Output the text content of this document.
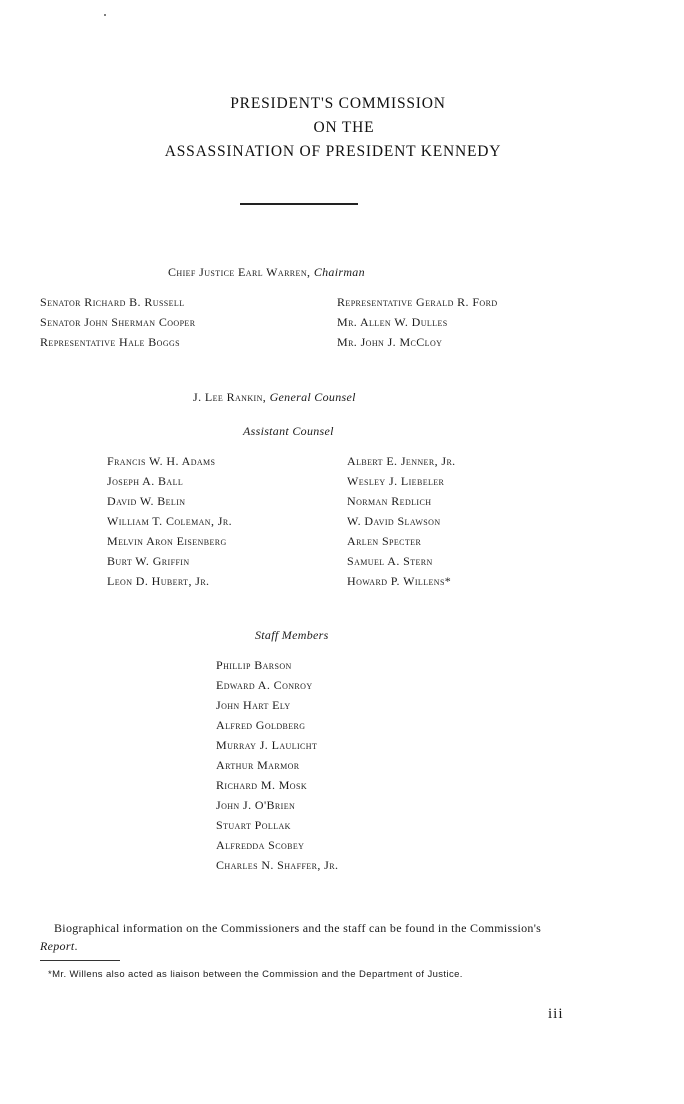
PRESIDENT'S COMMISSION
ON THE
ASSASSINATION OF PRESIDENT KENNEDY
Chief Justice Earl Warren, Chairman
Senator Richard B. Russell
Senator John Sherman Cooper
Representative Hale Boggs
Representative Gerald R. Ford
Mr. Allen W. Dulles
Mr. John J. McCloy
J. Lee Rankin, General Counsel
Assistant Counsel
Francis W. H. Adams
Joseph A. Ball
David W. Belin
William T. Coleman, Jr.
Melvin Aron Eisenberg
Burt W. Griffin
Leon D. Hubert, Jr.
Albert E. Jenner, Jr.
Wesley J. Liebeler
Norman Redlich
W. David Slawson
Arlen Specter
Samuel A. Stern
Howard P. Willens*
Staff Members
Phillip Barson
Edward A. Conroy
John Hart Ely
Alfred Goldberg
Murray J. Laulicht
Arthur Marmor
Richard M. Mosk
John J. O'Brien
Stuart Pollak
Alfredda Scobey
Charles N. Shaffer, Jr.
Biographical information on the Commissioners and the staff can be found in the Commission's Report.
*Mr. Willens also acted as liaison between the Commission and the Department of Justice.
iii
